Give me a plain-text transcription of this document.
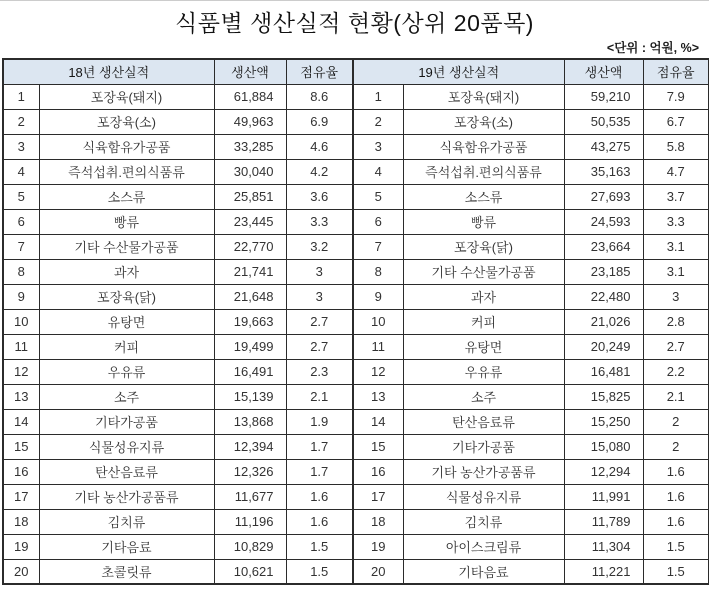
식품별 생산실적 현황(상위 20품목)
<단위 : 억원, %>
18년 생산실적		생산액	점유율	19년 생산실적		생산액	점유율
1	포장육(돼지)	61,884	8.6	1	포장육(돼지)	59,210	7.9
2	포장육(소)	49,963	6.9	2	포장육(소)	50,535	6.7
3	식육함유가공품	33,285	4.6	3	식육함유가공품	43,275	5.8
4	즉석섭취.편의식품류	30,040	4.2	4	즉석섭취.편의식품류	35,163	4.7
5	소스류	25,851	3.6	5	소스류	27,693	3.7
6	빵류	23,445	3.3	6	빵류	24,593	3.3
7	기타 수산물가공품	22,770	3.2	7	포장육(닭)	23,664	3.1
8	과자	21,741	3	8	기타 수산물가공품	23,185	3.1
9	포장육(닭)	21,648	3	9	과자	22,480	3
10	유탕면	19,663	2.7	10	커피	21,026	2.8
11	커피	19,499	2.7	11	유탕면	20,249	2.7
12	우유류	16,491	2.3	12	우유류	16,481	2.2
13	소주	15,139	2.1	13	소주	15,825	2.1
14	기타가공품	13,868	1.9	14	탄산음료류	15,250	2
15	식물성유지류	12,394	1.7	15	기타가공품	15,080	2
16	탄산음료류	12,326	1.7	16	기타 농산가공품류	12,294	1.6
17	기타 농산가공품류	11,677	1.6	17	식물성유지류	11,991	1.6
18	김치류	11,196	1.6	18	김치류	11,789	1.6
19	기타음료	10,829	1.5	19	아이스크림류	11,304	1.5
20	초콜릿류	10,621	1.5	20	기타음료	11,221	1.5
